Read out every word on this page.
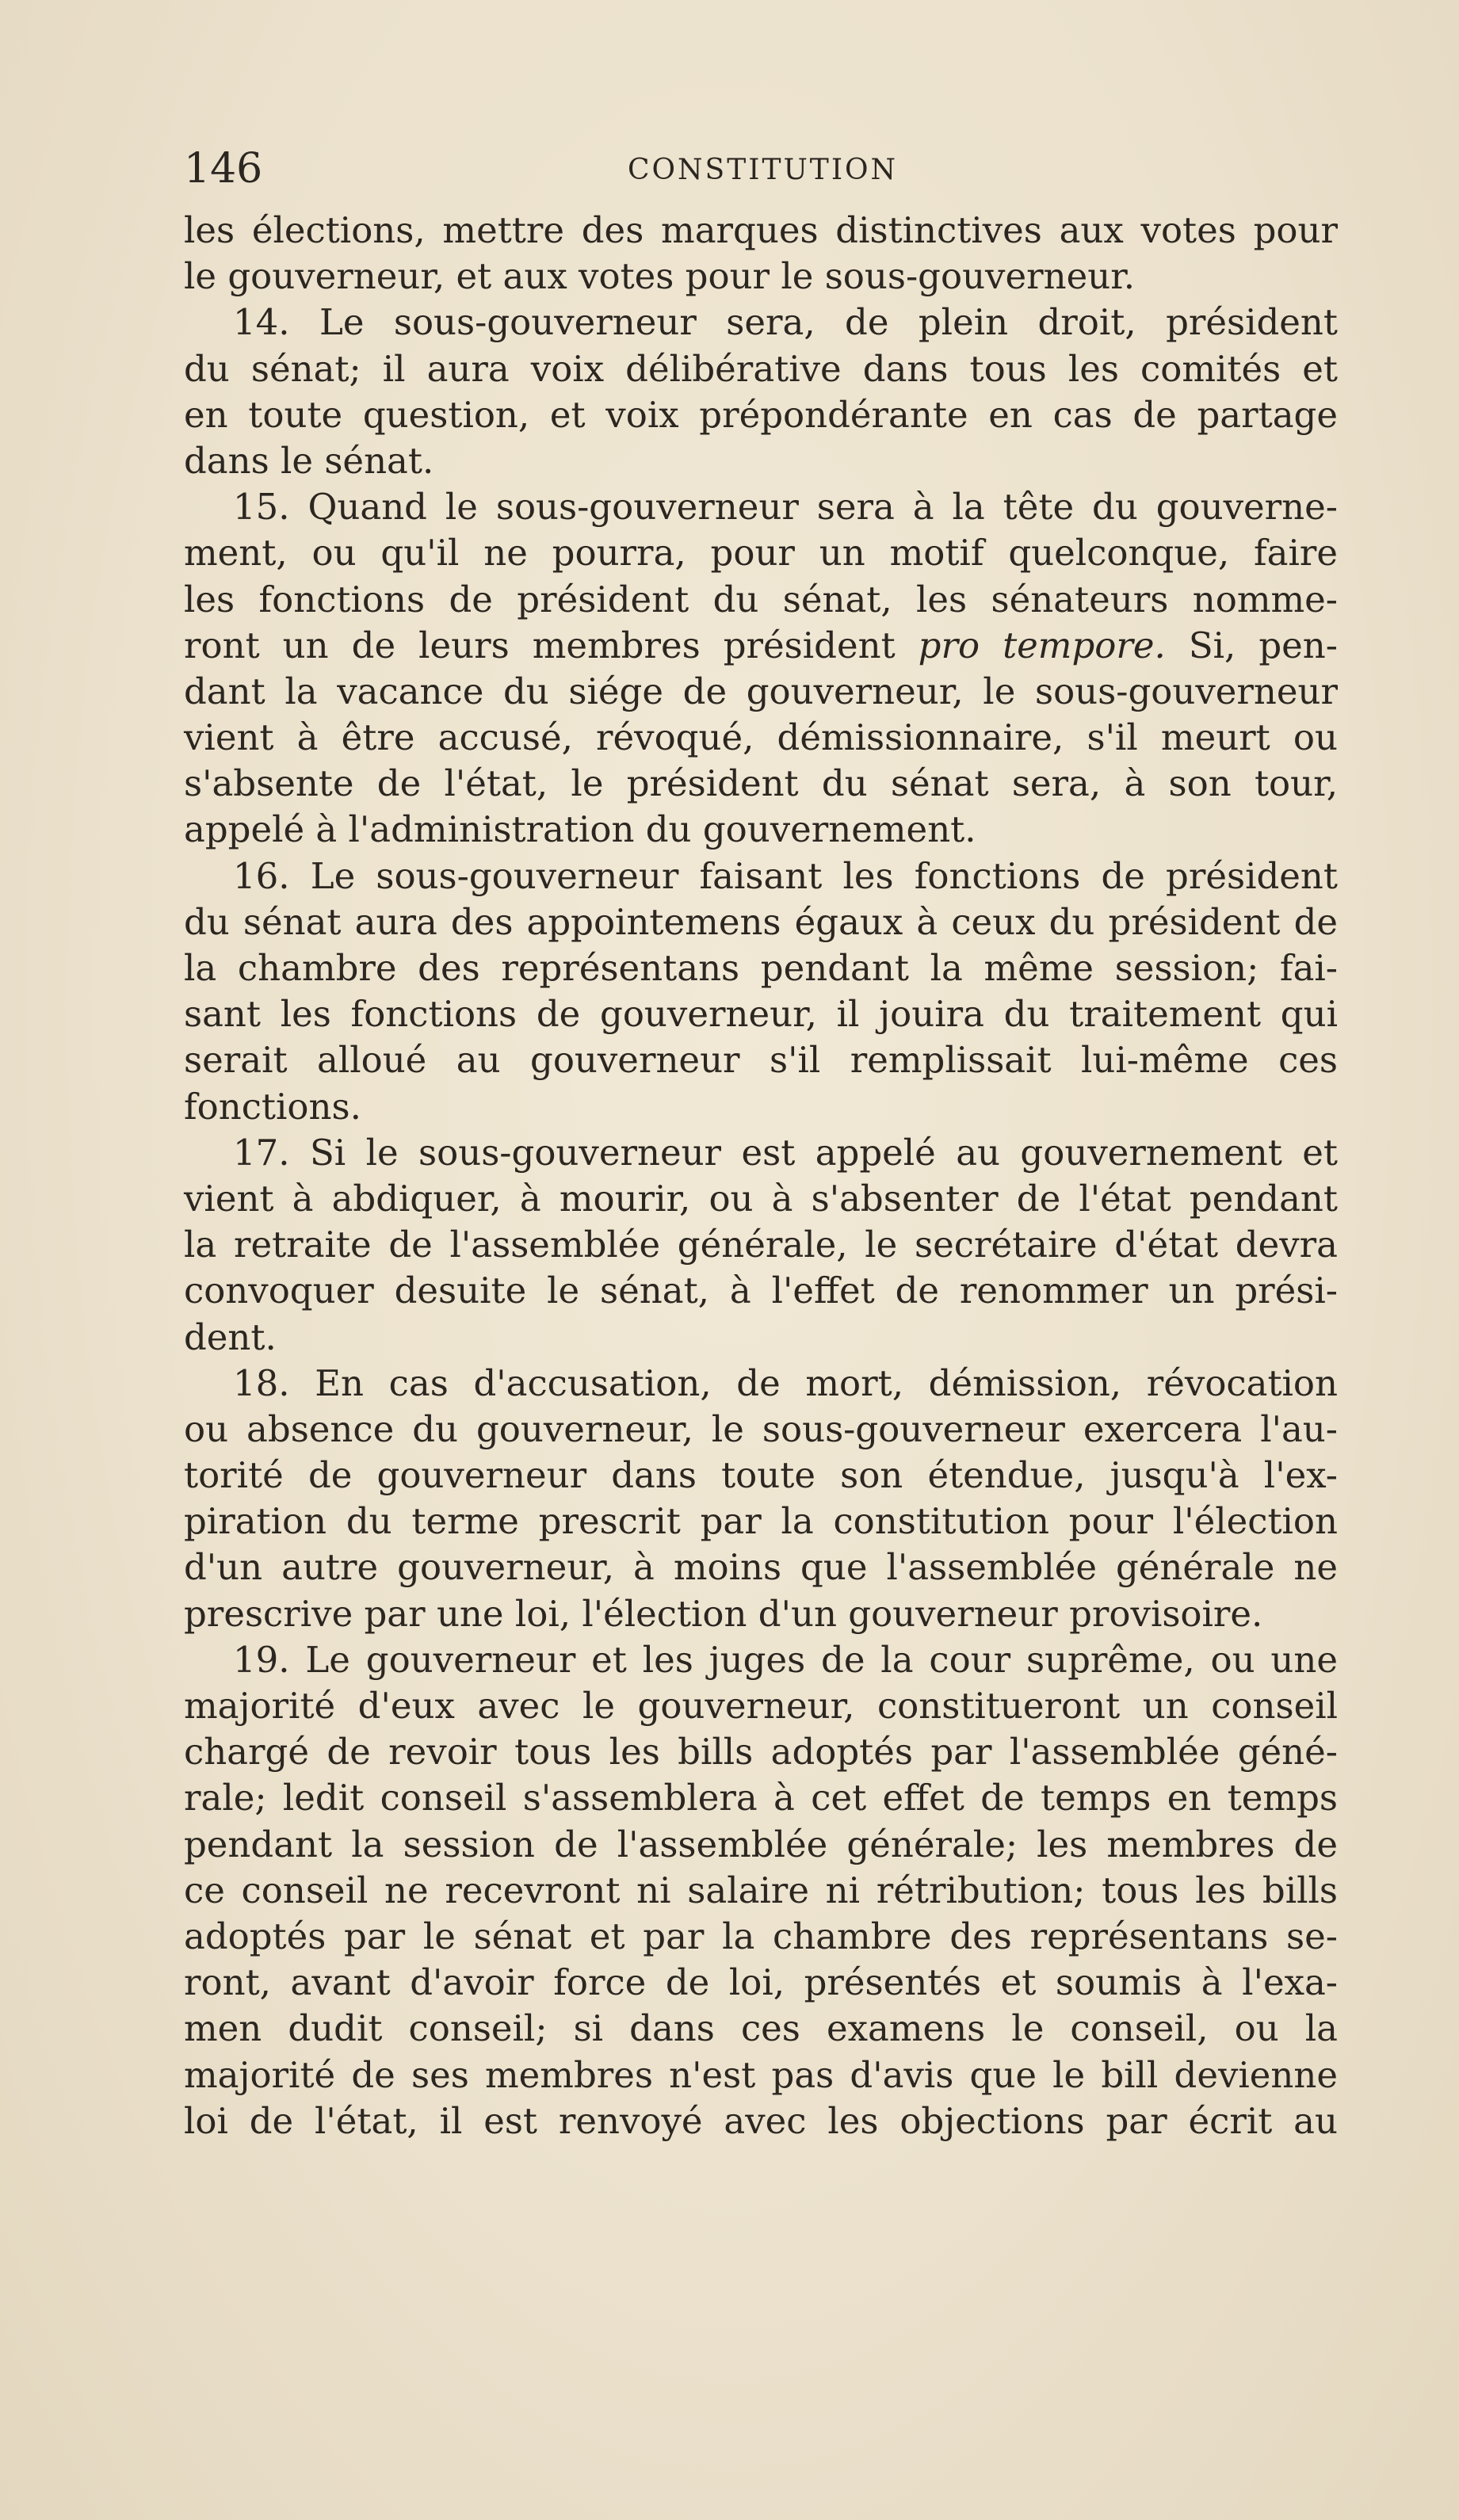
146	CONSTITUTION
les élections, mettre des marques distinctives aux votes pour
le gouverneur, et aux votes pour le sous-gouverneur.
14. Le sous-gouverneur sera, de plein droit, président
du sénat; il aura voix délibérative dans tous les comités et
en toute question, et voix prépondérante en cas de partage
dans le sénat.
15. Quand le sous-gouverneur sera à la tête du gouverne-
ment, ou qu'il ne pourra, pour un motif quelconque, faire
les fonctions de président du sénat, les sénateurs nomme-
ront un de leurs membres président pro tempore. Si, pen-
dant la vacance du siége de gouverneur, le sous-gouverneur
vient à être accusé, révoqué, démissionnaire, s'il meurt ou
s'absente de l'état, le président du sénat sera, à son tour,
appelé à l'administration du gouvernement.
16. Le sous-gouverneur faisant les fonctions de président
du sénat aura des appointemens égaux à ceux du président de
la chambre des représentans pendant la même session; fai-
sant les fonctions de gouverneur, il jouira du traitement qui
serait alloué au gouverneur s'il remplissait lui-même ces
fonctions.
17. Si le sous-gouverneur est appelé au gouvernement et
vient à abdiquer, à mourir, ou à s'absenter de l'état pendant
la retraite de l'assemblée générale, le secrétaire d'état devra
convoquer desuite le sénat, à l'effet de renommer un prési-
dent.
18. En cas d'accusation, de mort, démission, révocation
ou absence du gouverneur, le sous-gouverneur exercera l'au-
torité de gouverneur dans toute son étendue, jusqu'à l'ex-
piration du terme prescrit par la constitution pour l'élection
d'un autre gouverneur, à moins que l'assemblée générale ne
prescrive par une loi, l'élection d'un gouverneur provisoire.
19. Le gouverneur et les juges de la cour suprême, ou une
majorité d'eux avec le gouverneur, constitueront un conseil
chargé de revoir tous les bills adoptés par l'assemblée géné-
rale; ledit conseil s'assemblera à cet effet de temps en temps
pendant la session de l'assemblée générale; les membres de
ce conseil ne recevront ni salaire ni rétribution; tous les bills
adoptés par le sénat et par la chambre des représentans se-
ront, avant d'avoir force de loi, présentés et soumis à l'exa-
men dudit conseil; si dans ces examens le conseil, ou la
majorité de ses membres n'est pas d'avis que le bill devienne
loi de l'état, il est renvoyé avec les objections par écrit au
